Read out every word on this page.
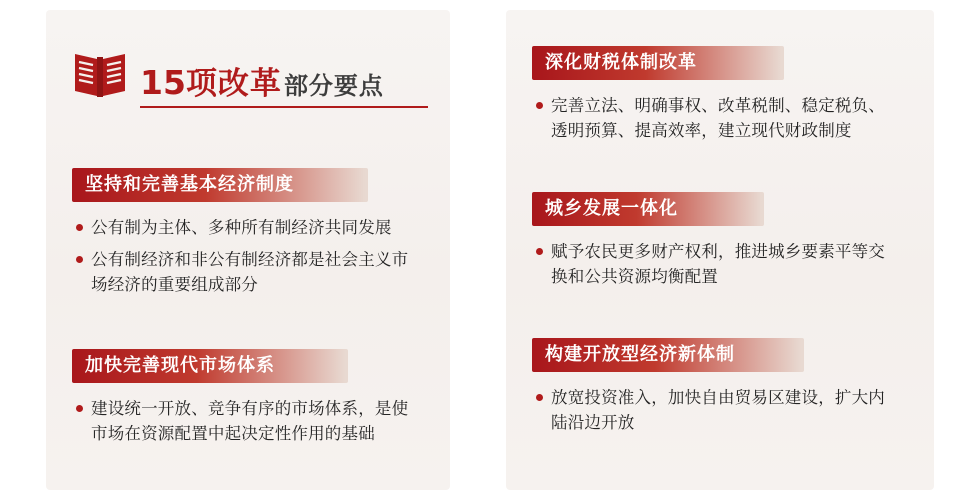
15 项改革 部分要点
坚持和完善基本经济制度
公有制为主体、多种所有制经济共同发展
公有制经济和非公有制经济都是社会主义市场经济的重要组成部分
加快完善现代市场体系
建设统一开放、竞争有序的市场体系，是使市场在资源配置中起决定性作用的基础
深化财税体制改革
完善立法、明确事权、改革税制、稳定税负、透明预算、提高效率，建立现代财政制度
城乡发展一体化
赋予农民更多财产权利，推进城乡要素平等交换和公共资源均衡配置
构建开放型经济新体制
放宽投资准入，加快自由贸易区建设，扩大内陆沿边开放
